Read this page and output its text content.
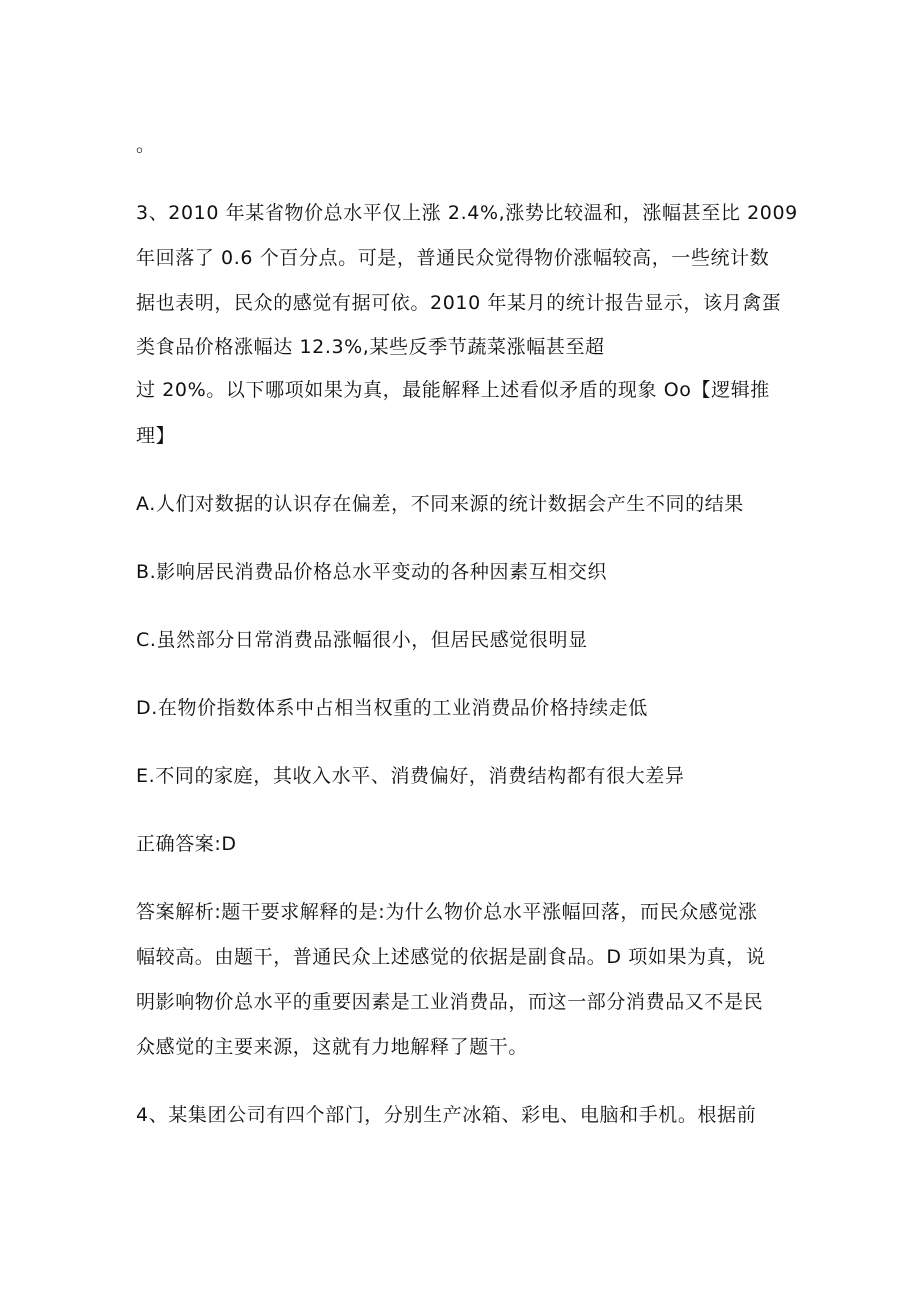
。
3、2010 年某省物价总水平仅上涨 2.4%,涨势比较温和，涨幅甚至比 2009
年回落了 0.6 个百分点。可是，普通民众觉得物价涨幅较高，一些统计数
据也表明，民众的感觉有据可依。2010 年某月的统计报告显示，该月禽蛋
类食品价格涨幅达 12.3%,某些反季节蔬菜涨幅甚至超
过 20%。以下哪项如果为真，最能解释上述看似矛盾的现象 Oo【逻辑推
理】
A.人们对数据的认识存在偏差，不同来源的统计数据会产生不同的结果
B.影响居民消费品价格总水平变动的各种因素互相交织
C.虽然部分日常消费品涨幅很小，但居民感觉很明显
D.在物价指数体系中占相当权重的工业消费品价格持续走低
E.不同的家庭，其收入水平、消费偏好，消费结构都有很大差异
正确答案:D
答案解析:题干要求解释的是:为什么物价总水平涨幅回落，而民众感觉涨
幅较高。由题干，普通民众上述感觉的依据是副食品。D 项如果为真，说
明影响物价总水平的重要因素是工业消费品，而这一部分消费品又不是民
众感觉的主要来源，这就有力地解释了题干。
4、某集团公司有四个部门，分别生产冰箱、彩电、电脑和手机。根据前
